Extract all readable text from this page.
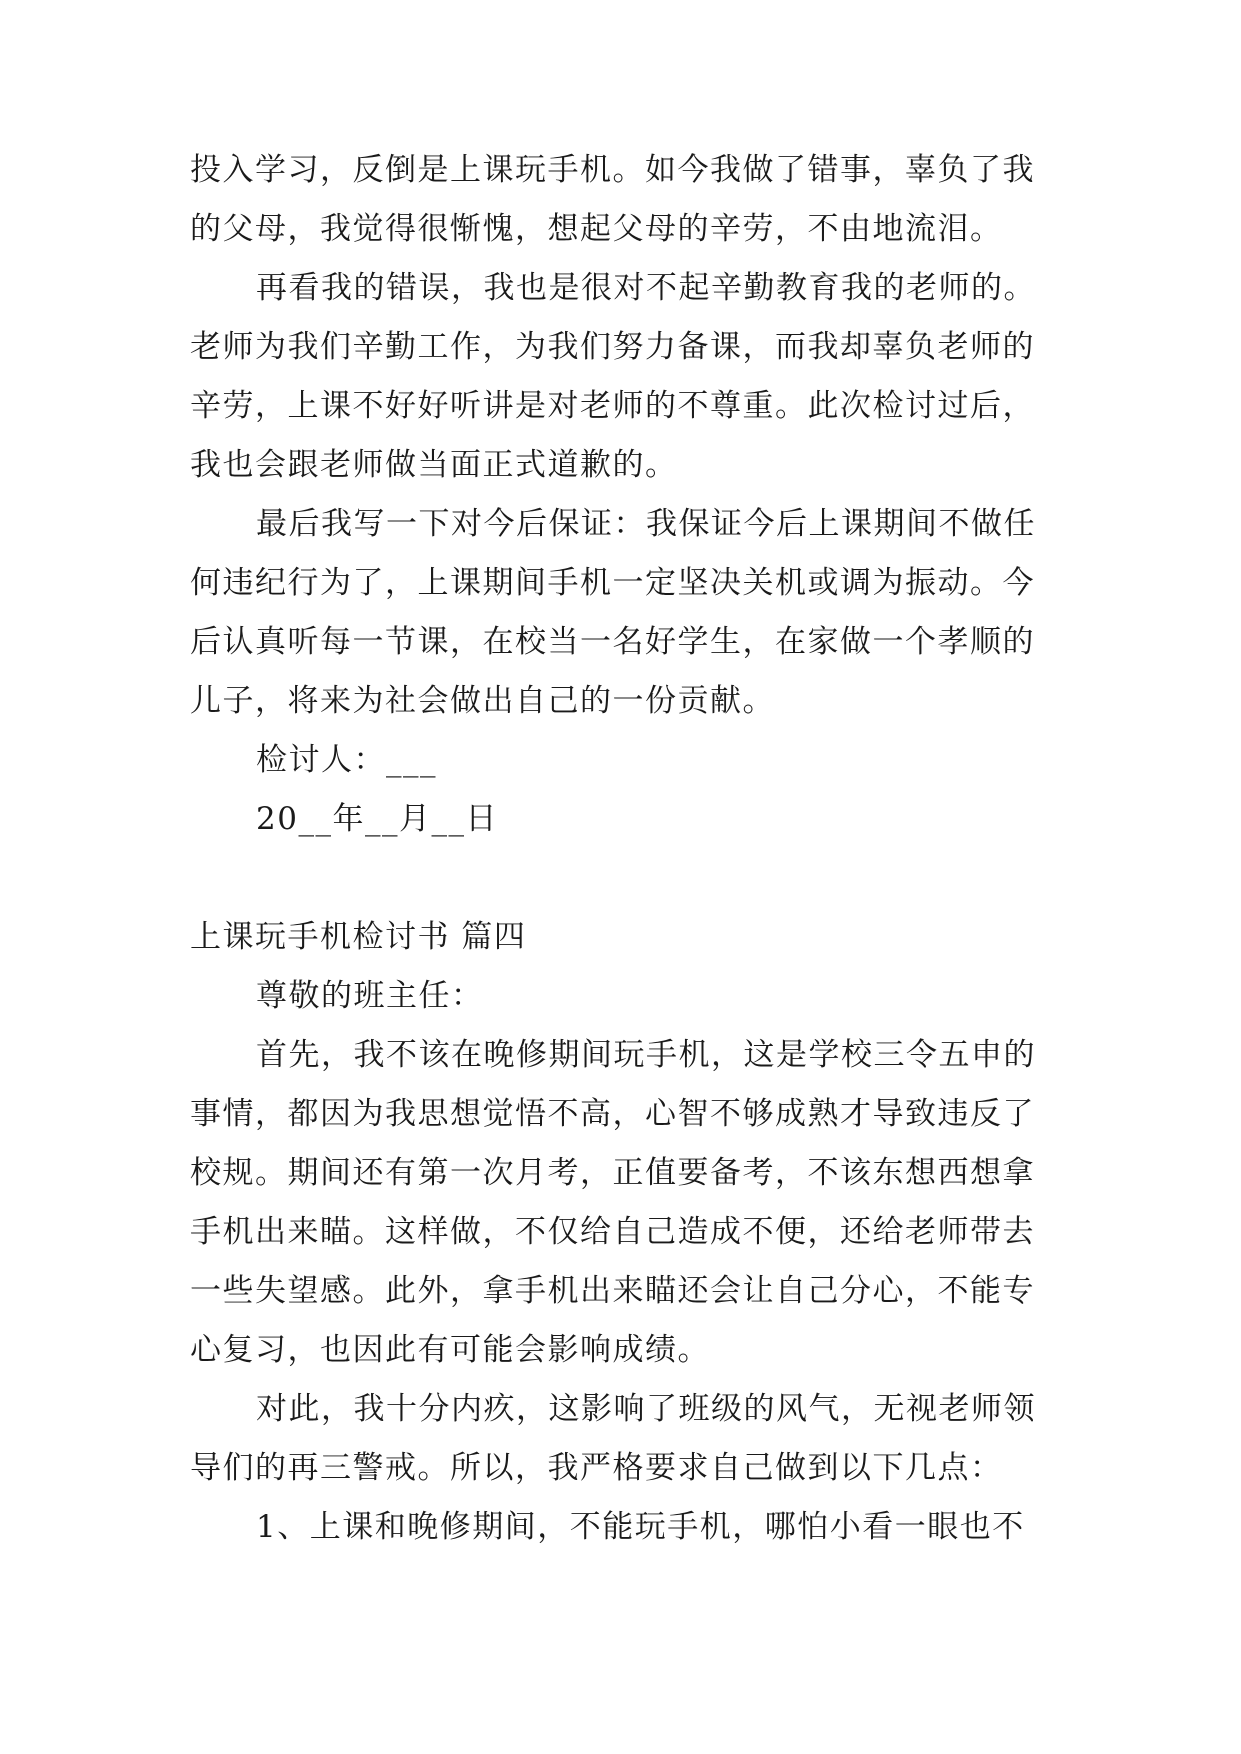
投入学习，反倒是上课玩手机。如今我做了错事，辜负了我
的父母，我觉得很惭愧，想起父母的辛劳，不由地流泪。
再看我的错误，我也是很对不起辛勤教育我的老师的。
老师为我们辛勤工作，为我们努力备课，而我却辜负老师的
辛劳，上课不好好听讲是对老师的不尊重。此次检讨过后，
我也会跟老师做当面正式道歉的。
最后我写一下对今后保证：我保证今后上课期间不做任
何违纪行为了，上课期间手机一定坚决关机或调为振动。今
后认真听每一节课，在校当一名好学生，在家做一个孝顺的
儿子，将来为社会做出自己的一份贡献。
检讨人：___
20__年__月__日
上课玩手机检讨书 篇四
尊敬的班主任：
首先，我不该在晚修期间玩手机，这是学校三令五申的
事情，都因为我思想觉悟不高，心智不够成熟才导致违反了
校规。期间还有第一次月考，正值要备考，不该东想西想拿
手机出来瞄。这样做，不仅给自己造成不便，还给老师带去
一些失望感。此外，拿手机出来瞄还会让自己分心，不能专
心复习，也因此有可能会影响成绩。
对此，我十分内疚，这影响了班级的风气，无视老师领
导们的再三警戒。所以，我严格要求自己做到以下几点：
1、上课和晚修期间，不能玩手机，哪怕小看一眼也不
